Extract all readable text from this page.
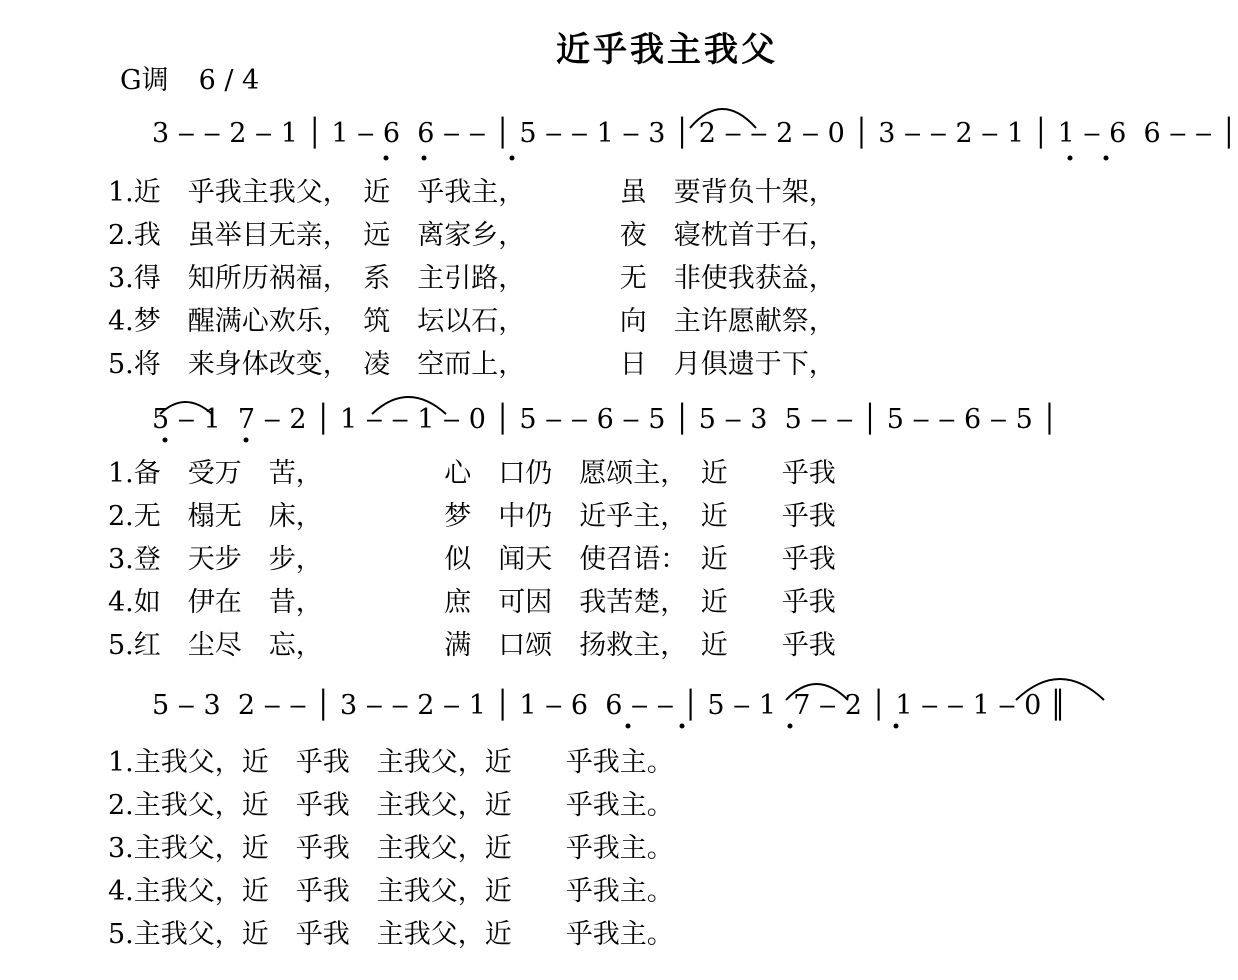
近乎我主我父
G调 6 / 4
3 ‒ ‒ 2 ‒ 1 │ 1 ‒ 6  6 ‒ ‒ │ 5 ‒ ‒ 1 ‒ 3 │ 2 ‒ ‒ 2 ‒ 0 │ 3 ‒ ‒ 2 ‒ 1 │ 1 ‒ 6  6 ‒ ‒ │
1.近　乎我主我父，　近　乎我主，　　　　虽　要背负十架，
2.我　虽举目无亲，　远　离家乡，　　　　夜　寝枕首于石，
3.得　知所历祸福，　系　主引路，　　　　无　非使我获益，
4.梦　醒满心欢乐，　筑　坛以石，　　　　向　主许愿献祭，
5.将　来身体改变，　凌　空而上，　　　　日　月俱遗于下，
5 ‒ 1  7 ‒ 2 │ 1 ‒ ‒ 1 ‒ 0 │ 5 ‒ ‒ 6 ‒ 5 │ 5 ‒ 3  5 ‒ ‒ │ 5 ‒ ‒ 6 ‒ 5 │
1.备　受万　苦，　　　　　心　口仍　愿颂主，　近　　乎我
2.无　榻无　床，　　　　　梦　中仍　近乎主，　近　　乎我
3.登　天步　步，　　　　　似　闻天　使召语：　近　　乎我
4.如　伊在　昔，　　　　　庶　可因　我苦楚，　近　　乎我
5.红　尘尽　忘，　　　　　满　口颂　扬救主，　近　　乎我
5 ‒ 3  2 ‒ ‒ │ 3 ‒ ‒ 2 ‒ 1 │ 1 ‒ 6  6 ‒ ‒ │ 5 ‒ 1  7 ‒ 2 │ 1 ‒ ‒ 1 ‒ 0 ║
1.主我父，近　乎我　主我父，近　　乎我主。
2.主我父，近　乎我　主我父，近　　乎我主。
3.主我父，近　乎我　主我父，近　　乎我主。
4.主我父，近　乎我　主我父，近　　乎我主。
5.主我父，近　乎我　主我父，近　　乎我主。
